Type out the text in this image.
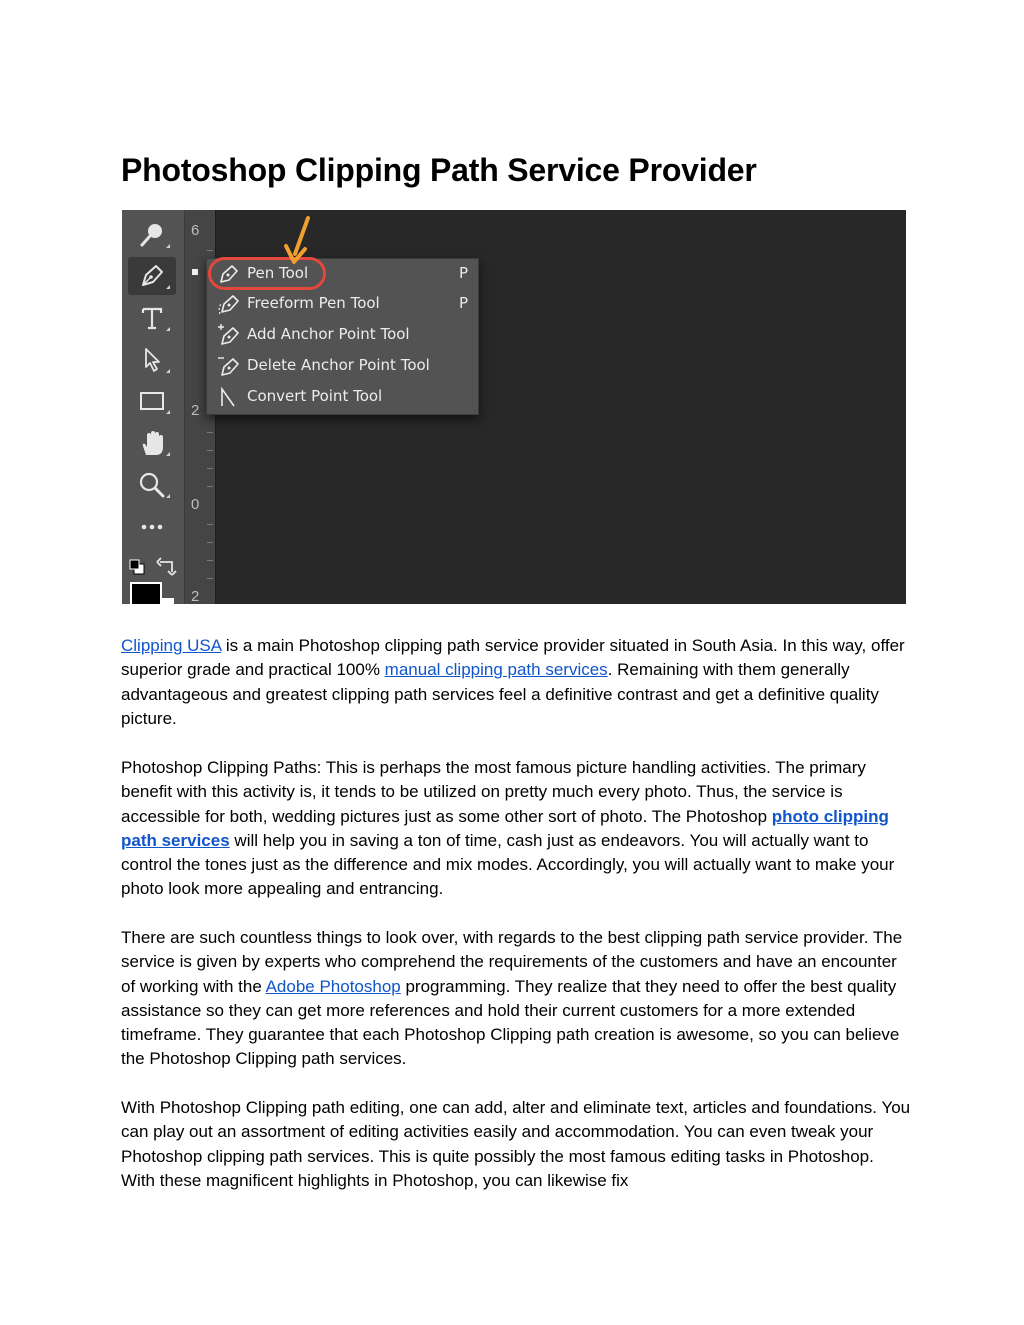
Photoshop Clipping Path Service Provider
6
2
0
2
Pen Tool	P
Freeform Pen Tool	P
Add Anchor Point Tool
Delete Anchor Point Tool
Convert Point Tool

Clipping USA is a main Photoshop clipping path service provider situated in South Asia. In this way, offer superior grade and practical 100% manual clipping path services. Remaining with them generally advantageous and greatest clipping path services feel a definitive contrast and get a definitive quality picture.

Photoshop Clipping Paths: This is perhaps the most famous picture handling activities. The primary benefit with this activity is, it tends to be utilized on pretty much every photo. Thus, the service is accessible for both, wedding pictures just as some other sort of photo. The Photoshop photo clipping path services will help you in saving a ton of time, cash just as endeavors. You will actually want to control the tones just as the difference and mix modes. Accordingly, you will actually want to make your photo look more appealing and entrancing.

There are such countless things to look over, with regards to the best clipping path service provider. The service is given by experts who comprehend the requirements of the customers and have an encounter of working with the Adobe Photoshop programming. They realize that they need to offer the best quality assistance so they can get more references and hold their current customers for a more extended timeframe. They guarantee that each Photoshop Clipping path creation is awesome, so you can believe the Photoshop Clipping path services.

With Photoshop Clipping path editing, one can add, alter and eliminate text, articles and foundations. You can play out an assortment of editing activities easily and accommodation. You can even tweak your Photoshop clipping path services. This is quite possibly the most famous editing tasks in Photoshop. With these magnificent highlights in Photoshop, you can likewise fix
